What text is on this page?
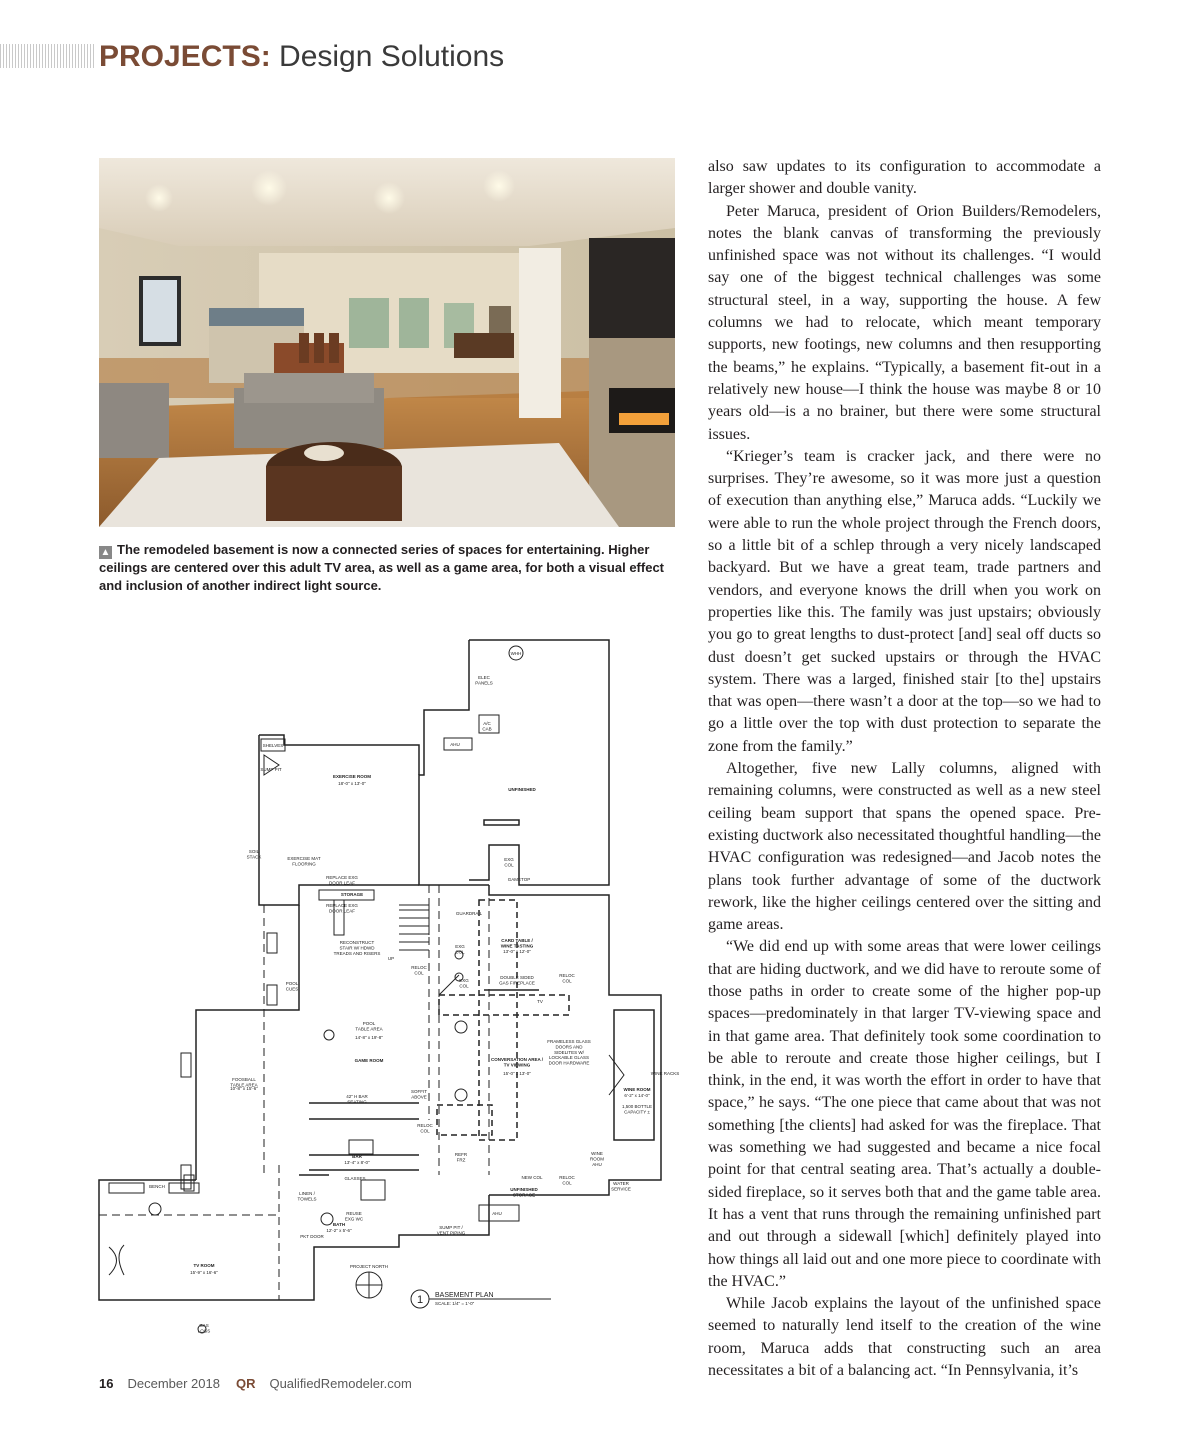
PROJECTS: Design Solutions
▲ The remodeled basement is now a connected series of spaces for entertaining. Higher ceilings are centered over this adult TV area, as well as a game area, for both a visual effect and inclusion of another indirect light source.
ELEC PANELS
A/C CAB
AHU
WHH
SHELVES
SUMP PIT
EXERCISE ROOM
18'-0" x 13'-0"
UNFINISHED
SOIL STACK	EXERCISE MAT FLOORING
REPLACE EXG DOOR LEAF
STORAGE
REPLACE EXG DOOR LEAF
EXG COL
GAMETOP
GUARDRAIL
RECONSTRUCT STAIR W/ HDWD TREADS AND RISERS
UP
EXG COL
CARD TABLE / WINE TASTING
13'-0" x 12'-0"
RELOC COL
DOUBLE SIDED GAS FIREPLACE
RELOC COL
EXG COL
POOL CUES
TV
POOL TABLE AREA
14'-8" x 19'-8"
GAME ROOM
FRAMELESS GLASS DOORS AND SIDELITES W/ LOCKABLE GLASS DOOR HARDWARE
CONVERSATION AREA / TV VIEWING
15'-0" x 13'-0"
WINE ROOM
6'-2" x 14'-0"
1,500 BOTTLE CAPACITY ±
WINE RACKS
FOOSBALL TABLE AREA
10'-8" x 15'-6"
42" H BAR SEATING
SOFFIT ABOVE
BAR
13'-4" x 8'-0"
RELOC COL
REFR FRZ
NEW COL	RELOC COL
WINE ROOM AHU
WATER SERVICE
GLASSES
UNFINISHED STORAGE
BENCH
LINEN / TOWELS
REUSE EXG WC
BATH
12'-2" x 5'-6"
PKT DOOR
AHU
SUMP PIT / VENT PIPING
TV ROOM
15'-9" x 16'-6"
GAS LOGS
PROJECT NORTH
1 BASEMENT PLAN
SCALE: 1/4" = 1'-0"

also saw updates to its configuration to accommodate a larger shower and double vanity.

Peter Maruca, president of Orion Builders/Remodelers, notes the blank canvas of transforming the previously unfinished space was not without its challenges. “I would say one of the biggest technical challenges was some structural steel, in a way, supporting the house. A few columns we had to relocate, which meant temporary supports, new footings, new columns and then resupporting the beams,” he explains. “Typically, a basement fit-out in a relatively new house—I think the house was maybe 8 or 10 years old—is a no brainer, but there were some structural issues.

“Krieger’s team is cracker jack, and there were no surprises. They’re awesome, so it was more just a question of execution than anything else,” Maruca adds. “Luckily we were able to run the whole project through the French doors, so a little bit of a schlep through a very nicely landscaped backyard. But we have a great team, trade partners and vendors, and everyone knows the drill when you work on properties like this. The family was just upstairs; obviously you go to great lengths to dust-protect [and] seal off ducts so dust doesn’t get sucked upstairs or through the HVAC system. There was a larged, finished stair [to the] upstairs that was open—there wasn’t a door at the top—so we had to go a little over the top with dust protection to separate the zone from the family.”

Altogether, five new Lally columns, aligned with remaining columns, were constructed as well as a new steel ceiling beam support that spans the opened space. Pre-existing ductwork also necessitated thoughtful handling—the HVAC configuration was redesigned—and Jacob notes the plans took further advantage of some of the ductwork rework, like the higher ceilings centered over the sitting and game areas.

“We did end up with some areas that were lower ceilings that are hiding ductwork, and we did have to reroute some of those paths in order to create some of the higher pop-up spaces—predominately in that larger TV-viewing space and in that game area. That definitely took some coordination to be able to reroute and create those higher ceilings, but I think, in the end, it was worth the effort in order to have that space,” he says. “The one piece that came about that was not something [the clients] had asked for was the fireplace. That was something we had suggested and became a nice focal point for that central seating area. That’s actually a double-sided fireplace, so it serves both that and the game table area. It has a vent that runs through the remaining unfinished part and out through a sidewall [which] definitely played into how things all laid out and one more piece to coordinate with the HVAC.”

While Jacob explains the layout of the unfinished space seemed to naturally lend itself to the creation of the wine room, Maruca adds that constructing such an area necessitates a bit of a balancing act. “In Pennsylvania, it’s

16 December 2018 QR QualifiedRemodeler.com
